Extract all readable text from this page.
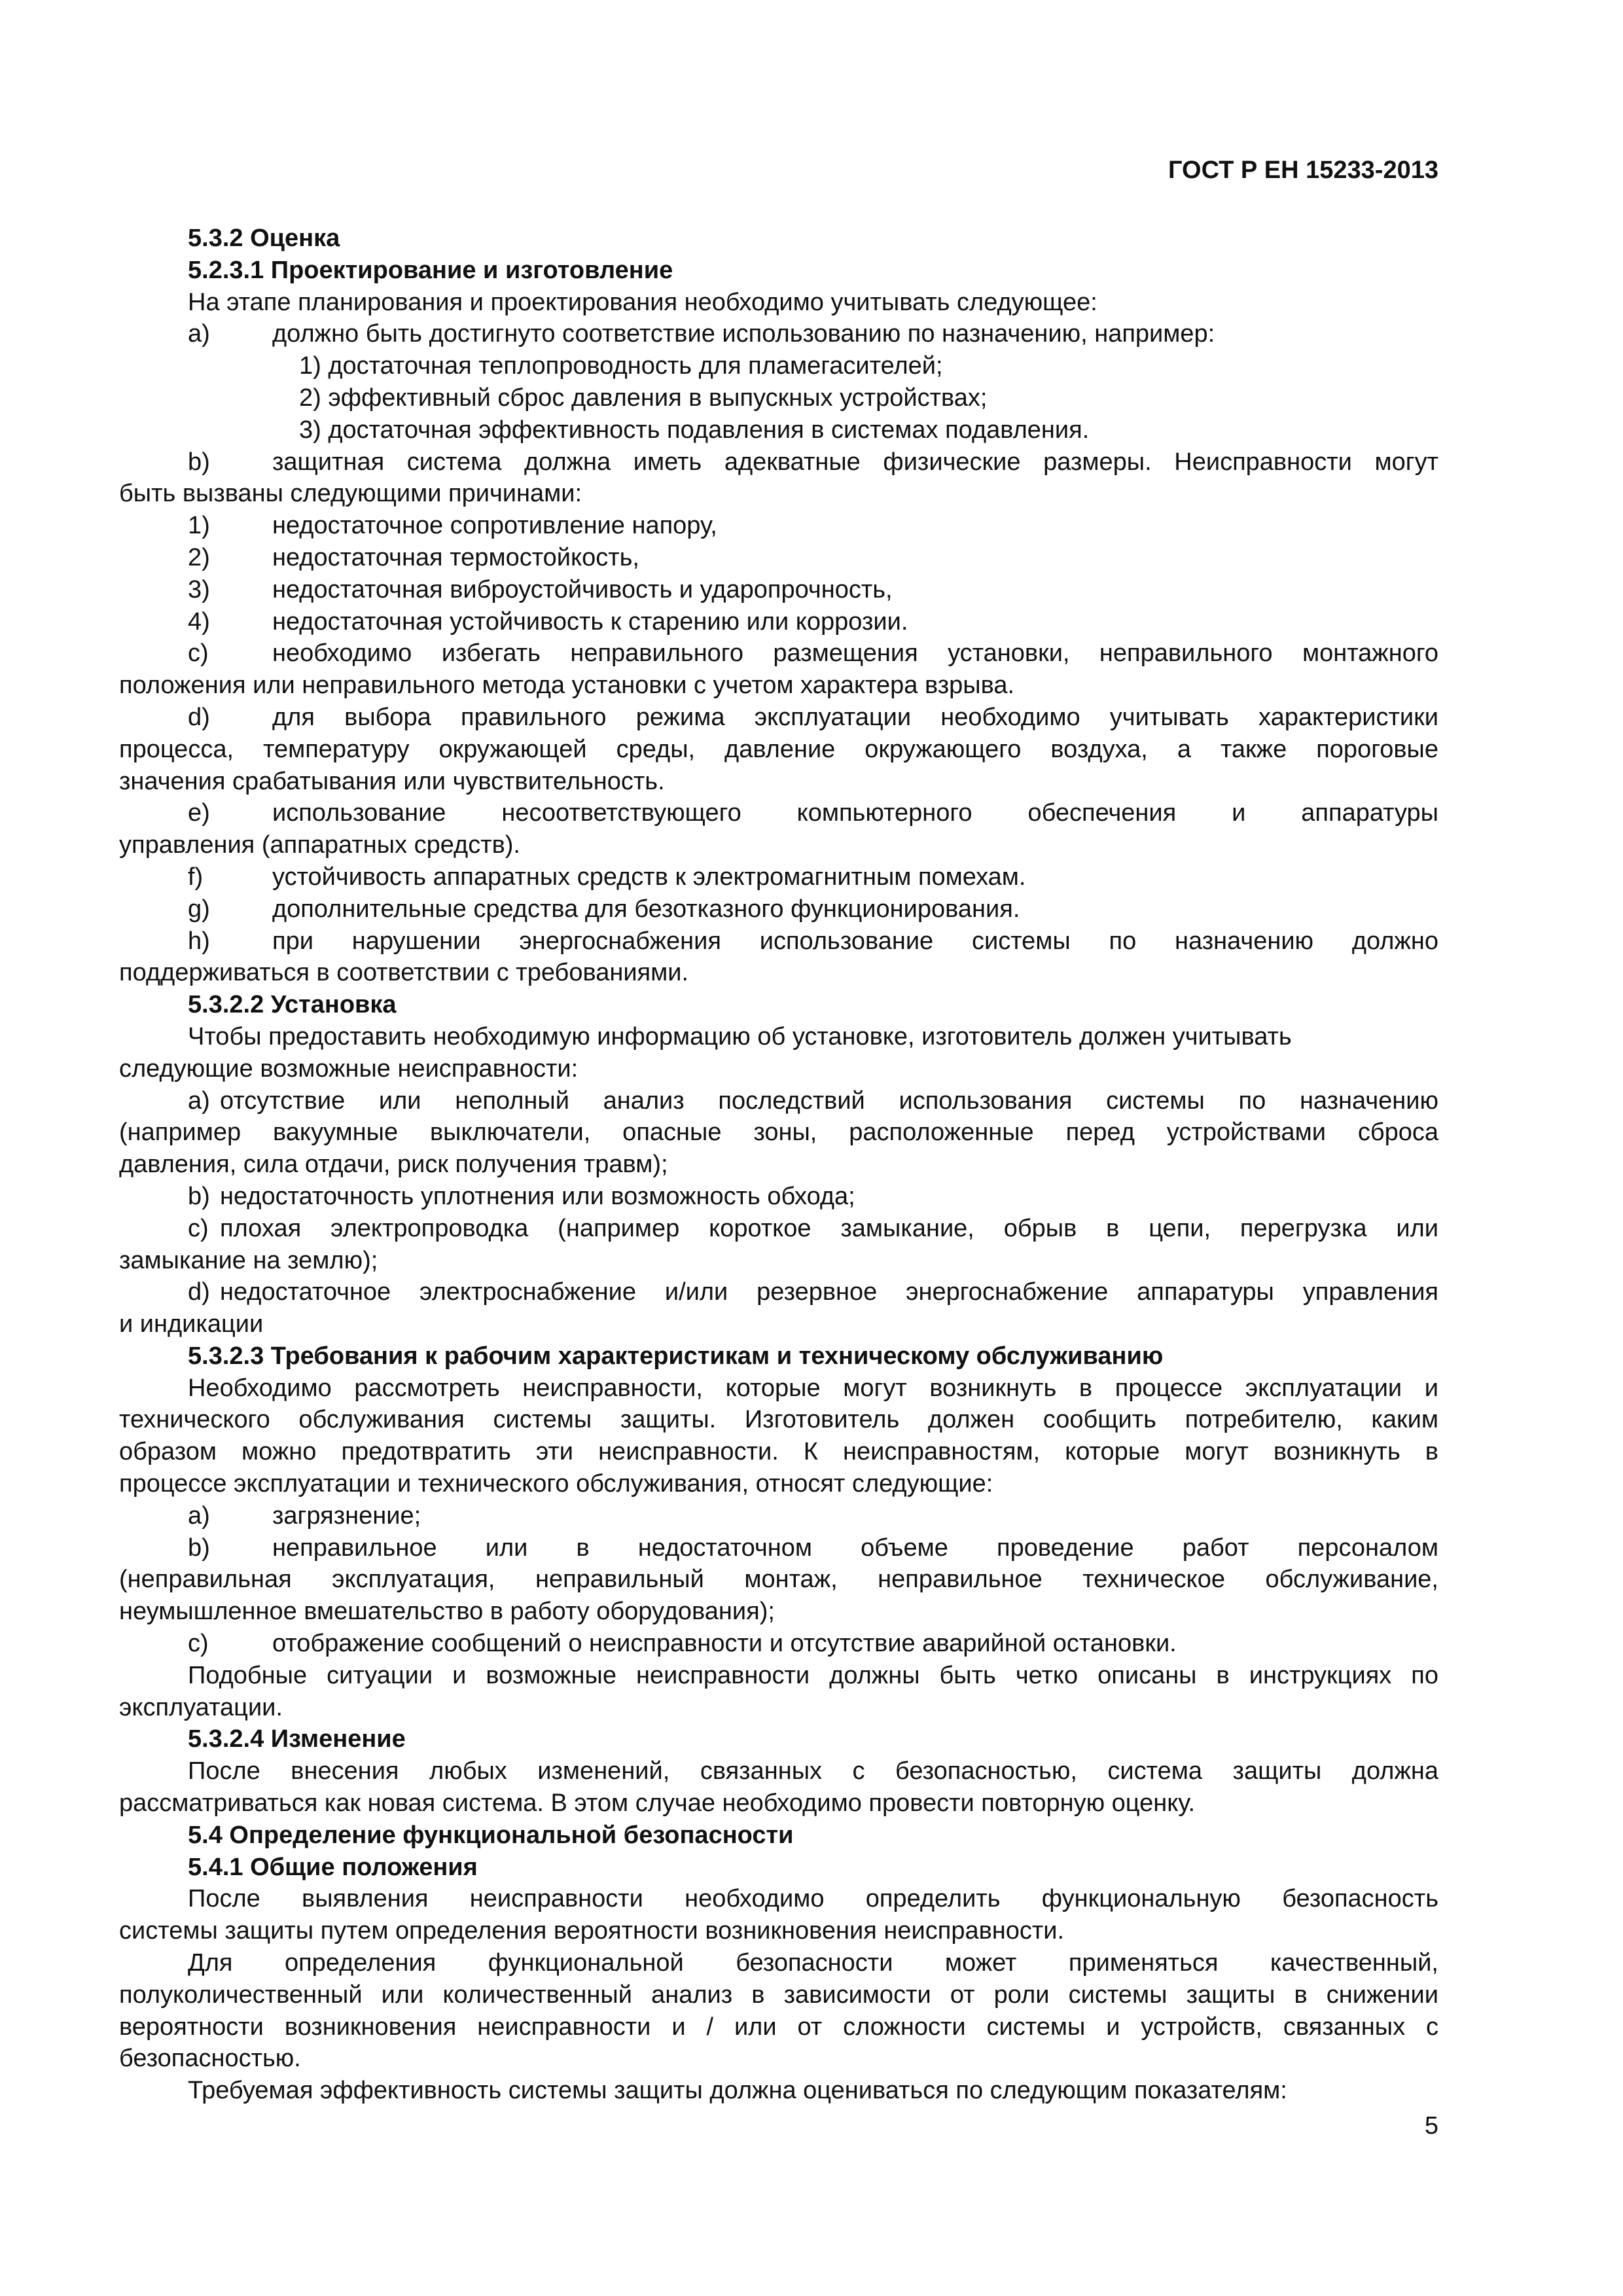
ГОСТ Р ЕН 15233-2013

5.3.2 Оценка
5.2.3.1 Проектирование и изготовление
На этапе планирования и проектирования необходимо учитывать следующее:
а)	должно быть достигнуто соответствие использованию по назначению, например:
1) достаточная теплопроводность для пламегасителей;
2) эффективный сброс давления в выпускных устройствах;
3) достаточная эффективность подавления в системах подавления.
b)	защитная система должна иметь адекватные физические размеры. Неисправности могут
быть вызваны следующими причинами:
1)	недостаточное сопротивление напору,
2)	недостаточная термостойкость,
3)	недостаточная виброустойчивость и ударопрочность,
4)	недостаточная устойчивость к старению или коррозии.
c)	необходимо избегать неправильного размещения установки, неправильного монтажного
положения или неправильного метода установки с учетом характера взрыва.
d)	для выбора правильного режима эксплуатации необходимо учитывать характеристики
процесса, температуру окружающей среды, давление окружающего воздуха, а также пороговые
значения срабатывания или чувствительность.
e)	использование несоответствующего компьютерного обеспечения и аппаратуры
управления (аппаратных средств).
f)	устойчивость аппаратных средств к электромагнитным помехам.
g)	дополнительные средства для безотказного функционирования.
h)	при нарушении энергоснабжения использование системы по назначению должно
поддерживаться в соответствии с требованиями.
5.3.2.2 Установка
Чтобы предоставить необходимую информацию об установке, изготовитель должен учитывать
следующие возможные неисправности:
a) отсутствие или неполный анализ последствий использования системы по назначению
(например вакуумные выключатели, опасные зоны, расположенные перед устройствами сброса
давления, сила отдачи, риск получения травм);
b) недостаточность уплотнения или возможность обхода;
c) плохая электропроводка (например короткое замыкание, обрыв в цепи, перегрузка или
замыкание на землю);
d) недостаточное электроснабжение и/или резервное энергоснабжение аппаратуры управления
и индикации
5.3.2.3 Требования к рабочим характеристикам и техническому обслуживанию
Необходимо рассмотреть неисправности, которые могут возникнуть в процессе эксплуатации и
технического обслуживания системы защиты. Изготовитель должен сообщить потребителю, каким
образом можно предотвратить эти неисправности. К неисправностям, которые могут возникнуть в
процессе эксплуатации и технического обслуживания, относят следующие:
a)	загрязнение;
b)	неправильное или в недостаточном объеме проведение работ персоналом
(неправильная эксплуатация, неправильный монтаж, неправильное техническое обслуживание,
неумышленное вмешательство в работу оборудования);
c)	отображение сообщений о неисправности и отсутствие аварийной остановки.
Подобные ситуации и возможные неисправности должны быть четко описаны в инструкциях по
эксплуатации.
5.3.2.4 Изменение
После внесения любых изменений, связанных с безопасностью, система защиты должна
рассматриваться как новая система. В этом случае необходимо провести повторную оценку.
5.4 Определение функциональной безопасности
5.4.1 Общие положения
После выявления неисправности необходимо определить функциональную безопасность
системы защиты путем определения вероятности возникновения неисправности.
Для определения функциональной безопасности может применяться качественный,
полуколичественный или количественный анализ в зависимости от роли системы защиты в снижении
вероятности возникновения неисправности и / или от сложности системы и устройств, связанных с
безопасностью.
Требуемая эффективность системы защиты должна оцениваться по следующим показателям:

5
